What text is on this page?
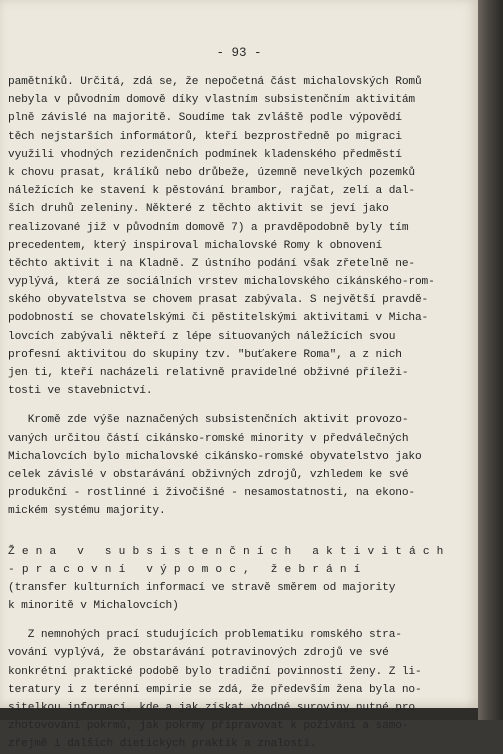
- 93 -
pamětníků. Určitá, zdá se, že nepočetná část michalovských Romů
nebyla v původním domově díky vlastním subsistenčním aktivitám
plně závislé na majoritě. Soudíme tak zvláště podle výpovědí
těch nejstarších informátorů, kteří bezprostředně po migraci
využili vhodných rezidenčních podmínek kladenského předměstí
k chovu prasat, králíků nebo drůbeže, územně nevelkých pozemků
náležících ke stavení k pěstování brambor, rajčat, zelí a dal-
ších druhů zeleniny. Některé z těchto aktivit se jeví jako
realizované již v původním domově 7) a pravděpodobně byly tím
precedentem, který inspiroval michalovské Romy k obnovení
těchto aktivit i na Kladně. Z ústního podání však zřetelně ne-
vyplývá, která ze sociálních vrstev michalovského cikánského-rom-
ského obyvatelstva se chovem prasat zabývala. S největší pravdě-
podobností se chovatelskými či pěstitelskými aktivitami v Micha-
lovcích zabývali někteří z lépe situovaných náležících svou
profesní aktivitou do skupiny tzv. "buťakere Roma", a z nich
jen ti, kteří nacházeli relativně pravidelné obživné příleži-
tosti ve stavebnictví.
Kromě zde výše naznačených subsistenčních aktivit provozo-
vaných určitou částí cikánsko-romské minority v předválečných
Michalovcích bylo michalovské cikánsko-romské obyvatelstvo jako
celek závislé v obstarávání obživných zdrojů, vzhledem ke své
produkční - rostlinné i živočišné - nesamostatnosti, na ekono-
mickém systému majority.
Ž e n a   v   s u b s i s t e n č n í c h   a k t i v i t á c h
- p r a c o v n í   v ý p o m o c ,   ž e b r á n í
(transfer kulturních informací ve stravě směrem od majority
k minoritě v Michalovcích)
Z nemnohých prací studujících problematiku romského stra-
vování vyplývá, že obstarávání potravinových zdrojů ve své
konkrétní praktické podobě bylo tradiční povinností ženy. Z li-
teratury i z terénní empirie se zdá, že především žena byla no-
sitelkou informací, kde a jak získat vhodné suroviny nutné pro
zhotovování pokrmů, jak pokrmy připravovat k požívání a samo-
zřejmě i dalších dietických praktik a znalostí.
